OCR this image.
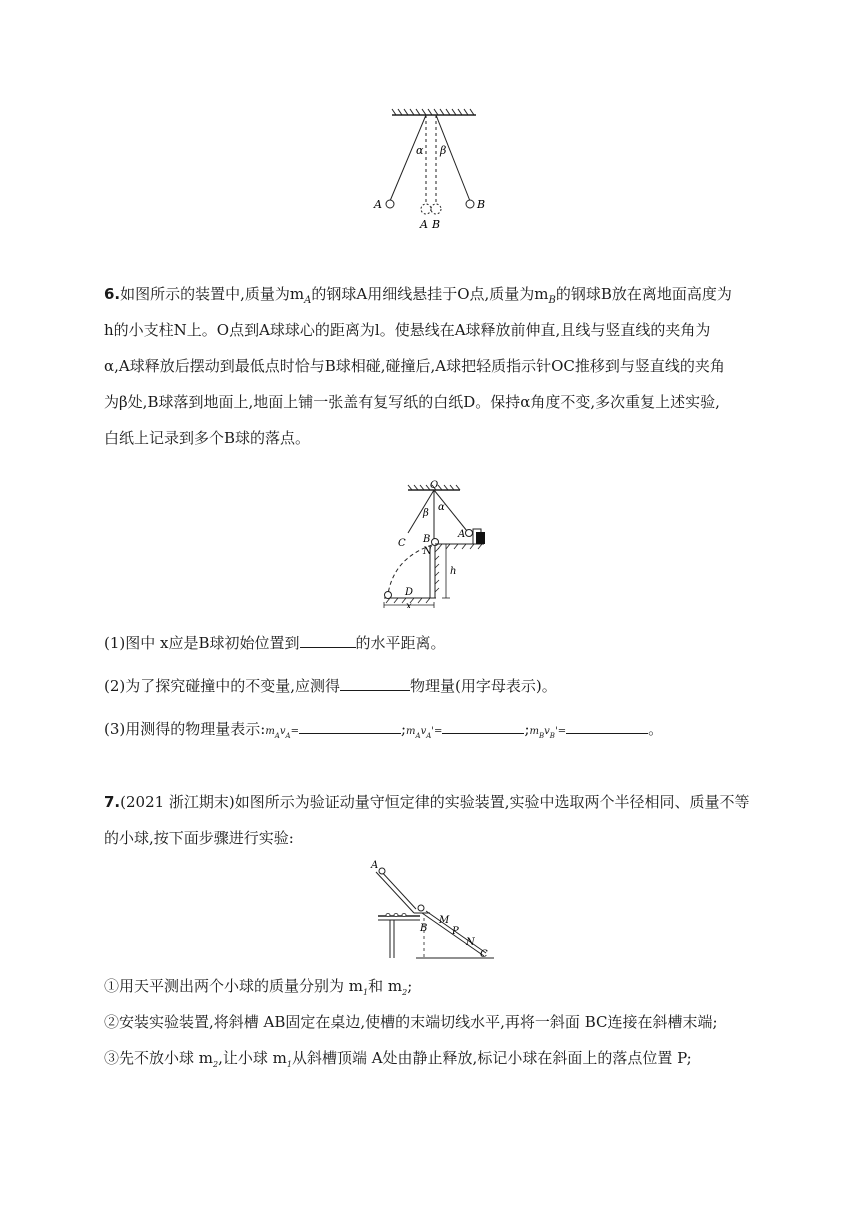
α β
A	B
A B
6.如图所示的装置中,质量为$m_A$的钢球A用细线悬挂于O点,质量为$m_B$的钢球B放在离地面高度为
h的小支柱N上。O点到A球球心的距离为l。使悬线在A球释放前伸直,且线与竖直线的夹角为
α,A球释放后摆动到最低点时恰与B球相碰,碰撞后,A球把轻质指示针OC推移到与竖直线的夹角
为β处,B球落到地面上,地面上铺一张盖有复写纸的白纸D。保持α角度不变,多次重复上述实验,
白纸上记录到多个B球的落点。
O
α
β
C
A
B
N
D
h
x
(1)图中 x应是B球初始位置到	的水平距离。
(2)为了探究碰撞中的不变量,应测得	物理量(用字母表示)。
(3)用测得的物理量表示$:m_Av_A=$	$;m_Av_A'=$	$;m_Bv_B'=$	。
7.(2021 浙江期末)如图所示为验证动量守恒定律的实验装置,实验中选取两个半径相同、质量不等
的小球,按下面步骤进行实验:
A
B
M
P
N
C
①用天平测出两个小球的质量分别为 $m_1$和 $m_2$;
②安装实验装置,将斜槽 AB固定在桌边,使槽的末端切线水平,再将一斜面 BC连接在斜槽末端;
③先不放小球 $m_2$,让小球 $m_1$从斜槽顶端 A处由静止释放,标记小球在斜面上的落点位置 P;
